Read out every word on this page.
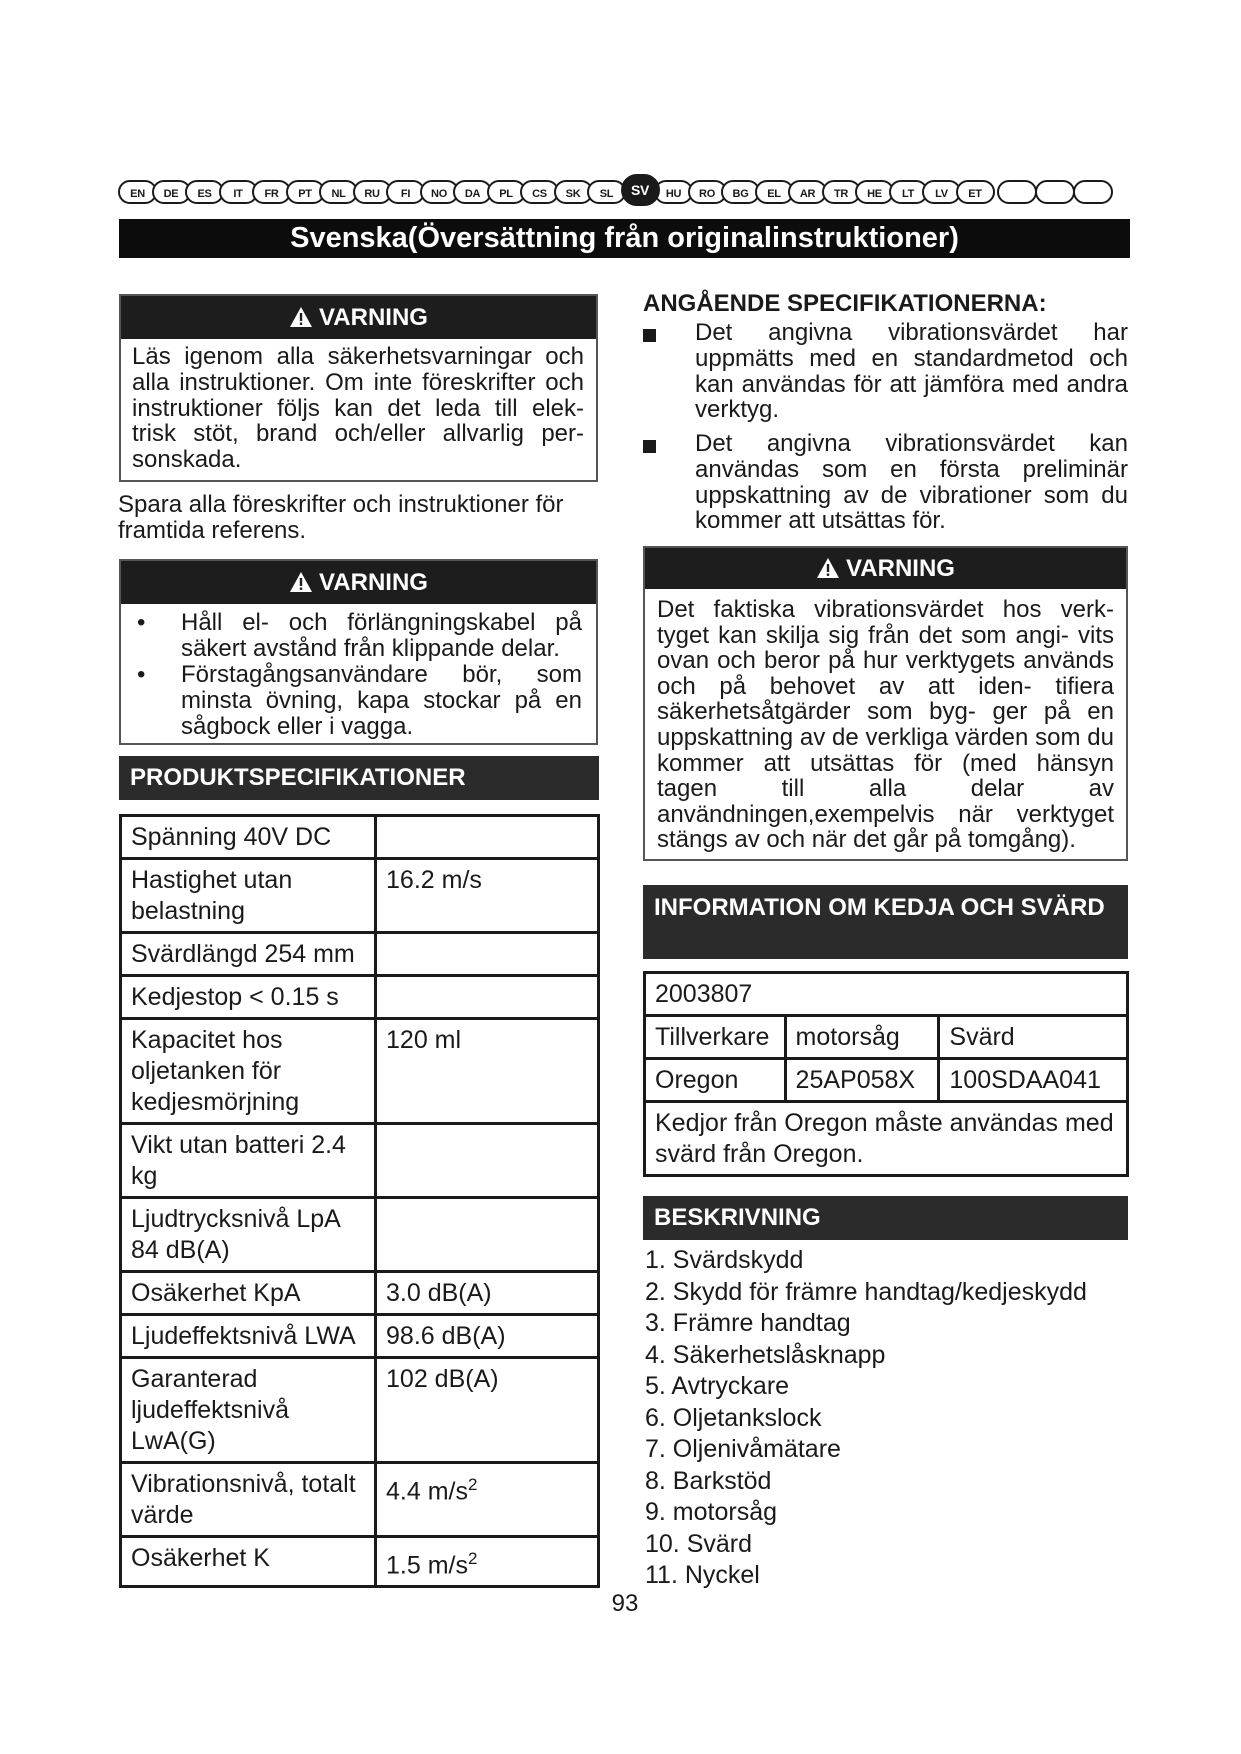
EN	DE	ES	IT	FR	PT	NL	RU	FI	NO	DA	PL	CS	SK	SL	SV	HU	RO	BG	EL	AR	TR	HE	LT	LV	ET
Svenska(Översättning från originalinstruktioner)
VARNING
Läs igenom alla säkerhetsvarningar och alla instruktioner. Om inte föreskrifter och instruktioner följs kan det leda till elek- trisk stöt, brand och/eller allvarlig per- sonskada.
Spara alla föreskrifter och instruktioner för framtida referens.
VARNING
• Håll el- och förlängningskabel på säkert avstånd från klippande delar.
• Förstagångsanvändare bör, som minsta övning, kapa stockar på en sågbock eller i vagga.
PRODUKTSPECIFIKATIONER
Spänning 40V DC	
Hastighet utan belastning	16.2 m/s
Svärdlängd 254 mm	
Kedjestop < 0.15 s	
Kapacitet hos oljetanken för kedjesmörjning	120 ml
Vikt utan batteri 2.4 kg	
Ljudtrycksnivå LpA 84 dB(A)	
Osäkerhet KpA	3.0 dB(A)
Ljudeffektsnivå LWA	98.6 dB(A)
Garanterad ljudeffektsnivå LwA(G)	102 dB(A)
Vibrationsnivå, totalt värde	4.4 $m/s^2$
Osäkerhet K	1.5 $m/s^2$
ANGÅENDE SPECIFIKATIONERNA:
Det angivna vibrationsvärdet har uppmätts med en standardmetod och kan användas för att jämföra med andra verktyg.
Det angivna vibrationsvärdet kan användas som en första preliminär uppskattning av de vibrationer som du kommer att utsättas för.
VARNING
Det faktiska vibrationsvärdet hos verk- tyget kan skilja sig från det som angi- vits ovan och beror på hur verktygets används och på behovet av att iden- tifiera säkerhetsåtgärder som byg- ger på en uppskattning av de verkliga värden som du kommer att utsättas för (med hänsyn tagen till alla delar av användningen,exempelvis när verktyget stängs av och när det går på tomgång).
INFORMATION OM KEDJA OCH SVÄRD
2003807		
Tillverkare	motorsåg	Svärd
Oregon	25AP058X	100SDAA041
Kedjor från Oregon måste användas med svärd från Oregon.		
BESKRIVNING
1. Svärdskydd
2. Skydd för främre handtag/kedjeskydd
3. Främre handtag
4. Säkerhetslåsknapp
5. Avtryckare
6. Oljetankslock
7. Oljenivåmätare
8. Barkstöd
9. motorsåg
10. Svärd
11. Nyckel
93
